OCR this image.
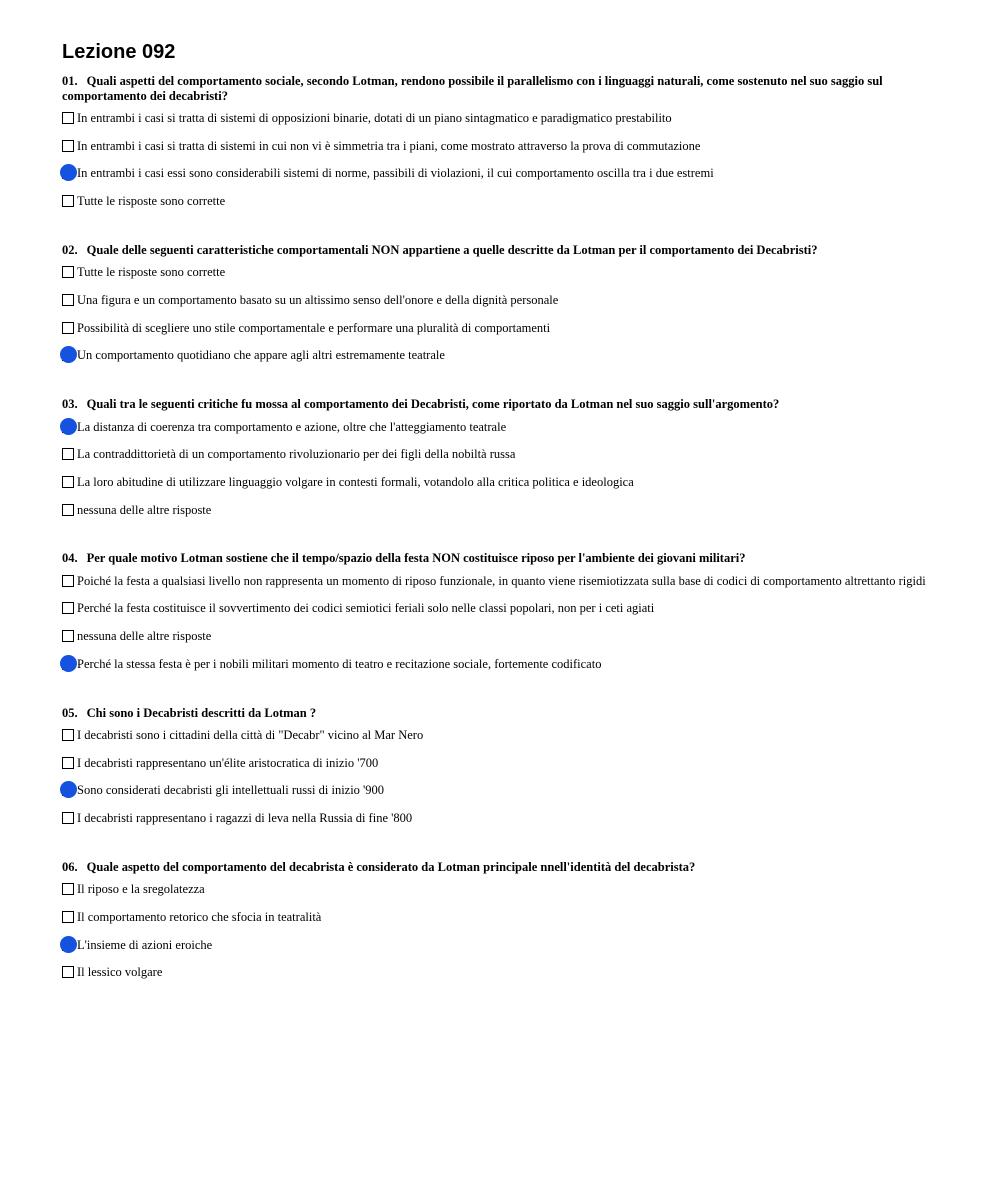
Lezione 092

01. Quali aspetti del comportamento sociale, secondo Lotman, rendono possibile il parallelismo con i linguaggi naturali, come sostenuto nel suo saggio sul comportamento dei decabristi?

In entrambi i casi si tratta di sistemi di opposizioni binarie, dotati di un piano sintagmatico e paradigmatico prestabilito
In entrambi i casi si tratta di sistemi in cui non vi è simmetria tra i piani, come mostrato attraverso la prova di commutazione
In entrambi i casi essi sono considerabili sistemi di norme, passibili di violazioni, il cui comportamento oscilla tra i due estremi
Tutte le risposte sono corrette

02. Quale delle seguenti caratteristiche comportamentali NON appartiene a quelle descritte da Lotman per il comportamento dei Decabristi?

Tutte le risposte sono corrette
Una figura e un comportamento basato su un altissimo senso dell'onore e della dignità personale
Possibilità di scegliere uno stile comportamentale e performare una pluralità di comportamenti
Un comportamento quotidiano che appare agli altri estremamente teatrale

03. Quali tra le seguenti critiche fu mossa al comportamento dei Decabristi, come riportato da Lotman nel suo saggio sull'argomento?

La distanza di coerenza tra comportamento e azione, oltre che l'atteggiamento teatrale
La contraddittorietà di un comportamento rivoluzionario per dei figli della nobiltà russa
La loro abitudine di utilizzare linguaggio volgare in contesti formali, votandolo alla critica politica e ideologica
nessuna delle altre risposte

04. Per quale motivo Lotman sostiene che il tempo/spazio della festa NON costituisce riposo per l'ambiente dei giovani militari?

Poiché la festa a qualsiasi livello non rappresenta un momento di riposo funzionale, in quanto viene risemiotizzata sulla base di codici di comportamento altrettanto rigidi
Perché la festa costituisce il sovvertimento dei codici semiotici feriali solo nelle classi popolari, non per i ceti agiati
nessuna delle altre risposte
Perché la stessa festa è per i nobili militari momento di teatro e recitazione sociale, fortemente codificato

05. Chi sono i Decabristi descritti da Lotman ?

I decabristi sono i cittadini della città di "Decabr" vicino al Mar Nero
I decabristi rappresentano un'élite aristocratica di inizio '700
Sono considerati decabristi gli intellettuali russi di inizio '900
I decabristi rappresentano i ragazzi di leva nella Russia di fine '800

06. Quale aspetto del comportamento del decabrista è considerato da Lotman principale nnell'identità del decabrista?

Il riposo e la sregolatezza
Il comportamento retorico che sfocia in teatralità
L'insieme di azioni eroiche
Il lessico volgare
